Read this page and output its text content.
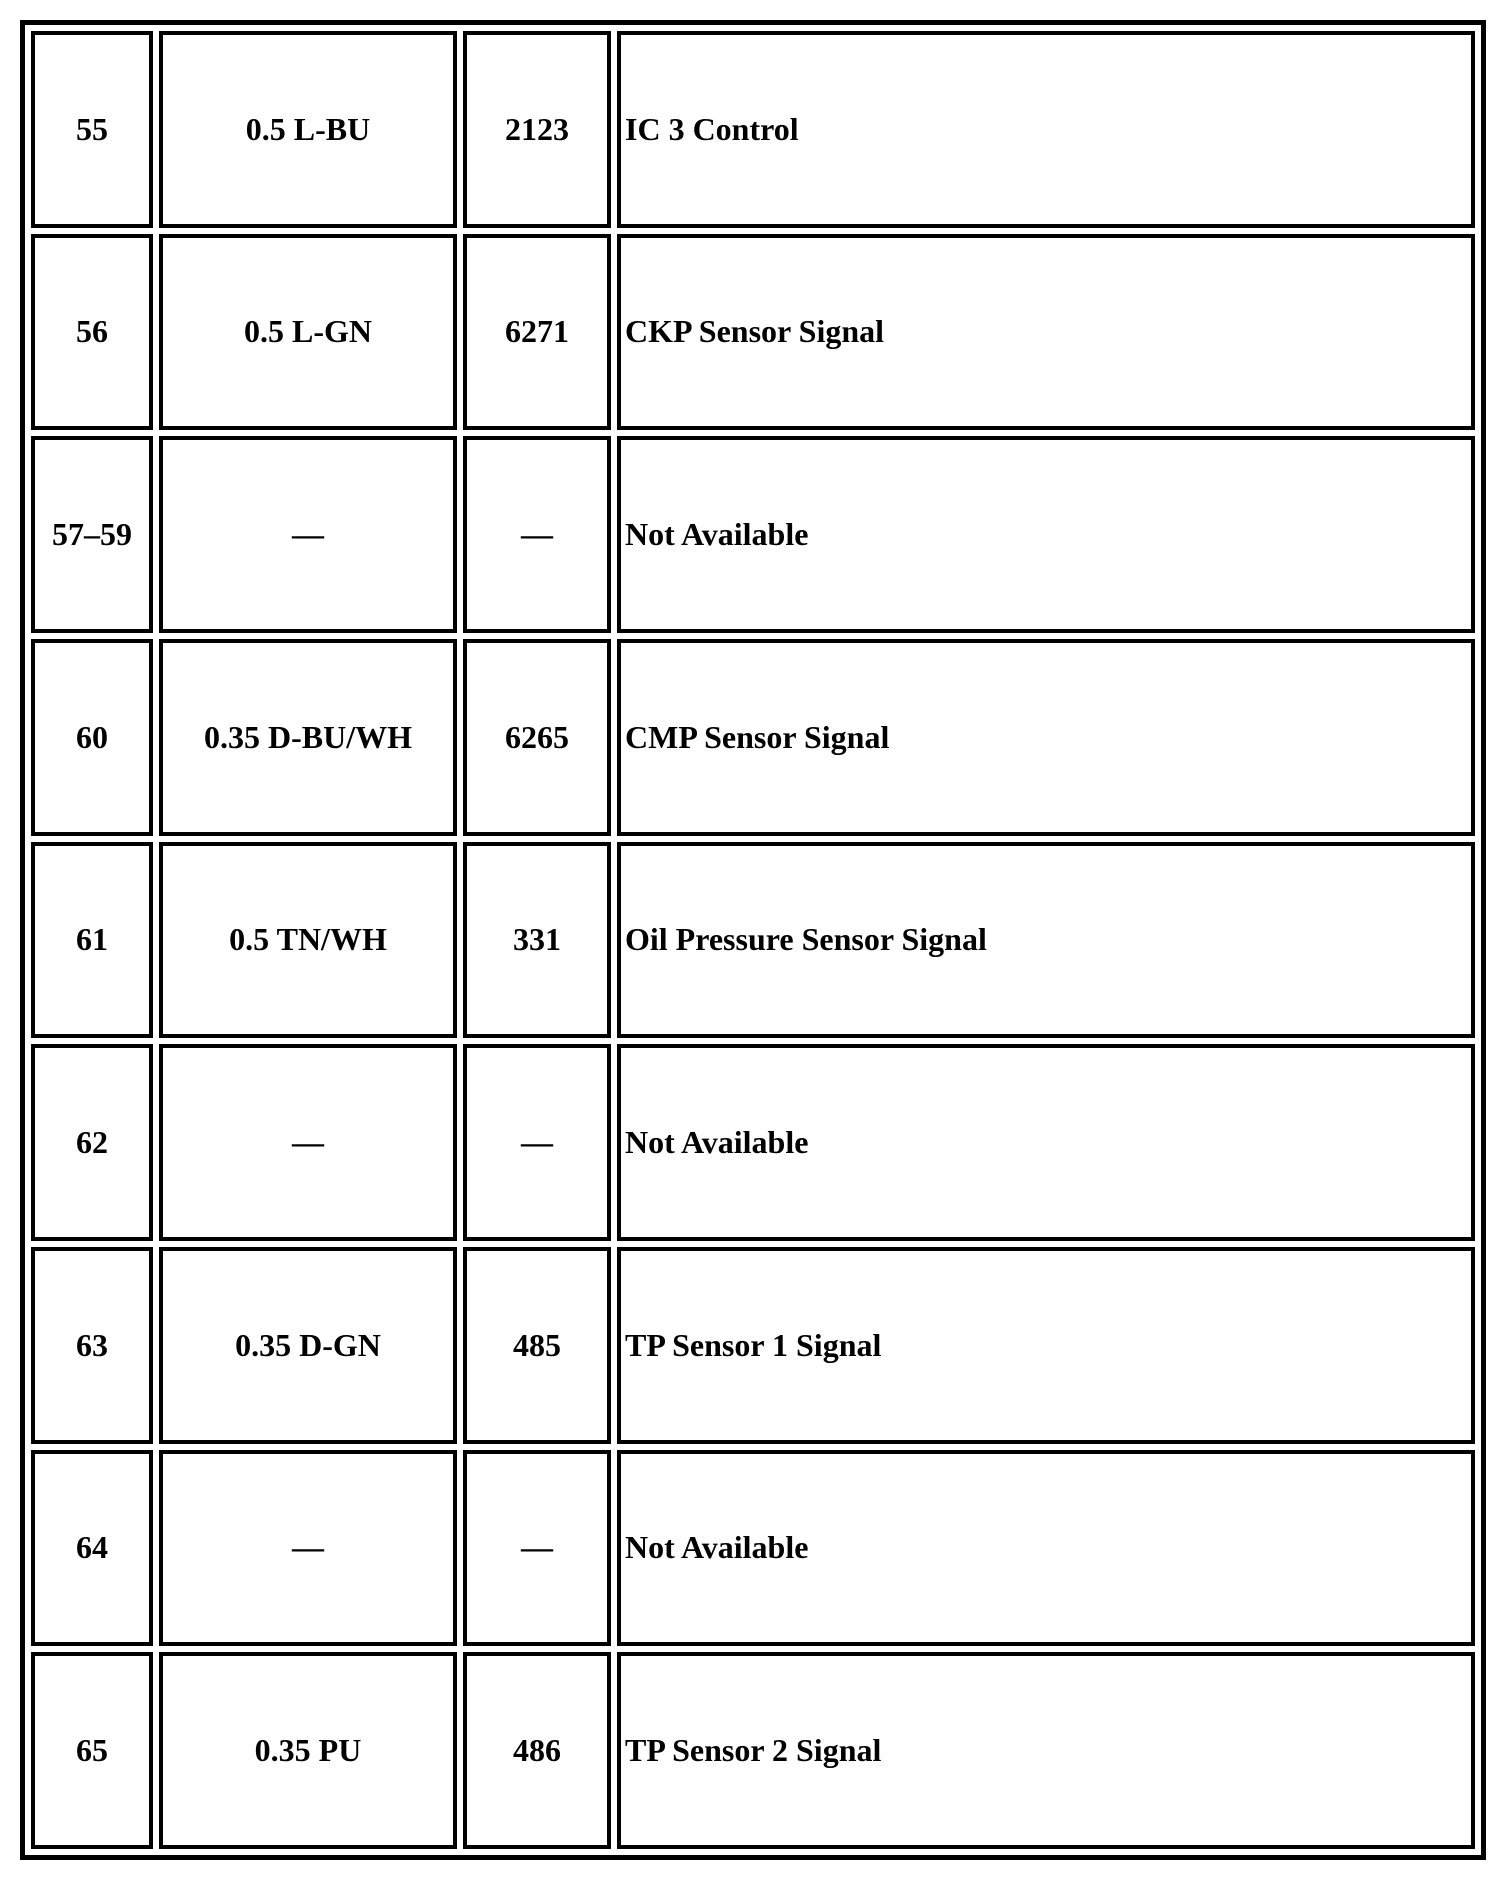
55	0.5 L-BU	2123	IC 3 Control
56	0.5 L-GN	6271	CKP Sensor Signal
57–59	—	—	Not Available
60	0.35 D-BU/WH	6265	CMP Sensor Signal
61	0.5 TN/WH	331	Oil Pressure Sensor Signal
62	—	—	Not Available
63	0.35 D-GN	485	TP Sensor 1 Signal
64	—	—	Not Available
65	0.35 PU	486	TP Sensor 2 Signal
